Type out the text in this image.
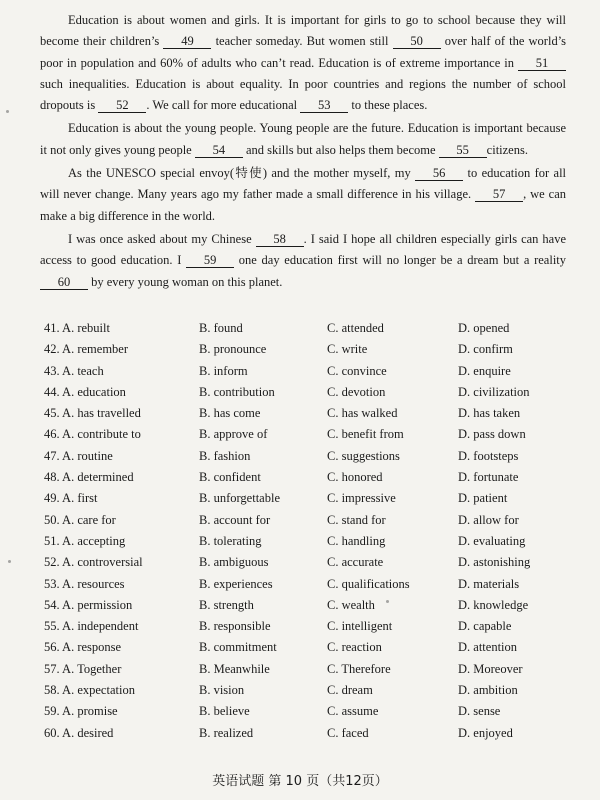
Education is about women and girls. It is important for girls to go to school because they will become their children’s 49 teacher someday. But women still 50 over half of the world’s poor in population and 60% of adults who can’t read. Education is of extreme importance in 51 such inequalities. Education is about equality. In poor countries and regions the number of school dropouts is 52 . We call for more educational 53 to these places.

Education is about the young people. Young people are the future. Education is important because it not only gives young people 54 and skills but also helps them become 55 citizens.

As the UNESCO special envoy(特使) and the mother myself, my 56 to education for all will never change. Many years ago my father made a small difference in his village. 57 , we can make a big difference in the world.

I was once asked about my Chinese 58 . I said I hope all children especially girls can have access to good education. I 59 one day education first will no longer be a dream but a reality 60 by every young woman on this planet.

41. A. rebuilt	B. found	C. attended	D. opened
42. A. remember	B. pronounce	C. write	D. confirm
43. A. teach	B. inform	C. convince	D. enquire
44. A. education	B. contribution	C. devotion	D. civilization
45. A. has travelled	B. has come	C. has walked	D. has taken
46. A. contribute to	B. approve of	C. benefit from	D. pass down
47. A. routine	B. fashion	C. suggestions	D. footsteps
48. A. determined	B. confident	C. honored	D. fortunate
49. A. first	B. unforgettable	C. impressive	D. patient
50. A. care for	B. account for	C. stand for	D. allow for
51. A. accepting	B. tolerating	C. handling	D. evaluating
52. A. controversial	B. ambiguous	C. accurate	D. astonishing
53. A. resources	B. experiences	C. qualifications	D. materials
54. A. permission	B. strength	C. wealth	D. knowledge
55. A. independent	B. responsible	C. intelligent	D. capable
56. A. response	B. commitment	C. reaction	D. attention
57. A. Together	B. Meanwhile	C. Therefore	D. Moreover
58. A. expectation	B. vision	C. dream	D. ambition
59. A. promise	B. believe	C. assume	D. sense
60. A. desired	B. realized	C. faced	D. enjoyed
英语试题 第 10 页（共12页）
